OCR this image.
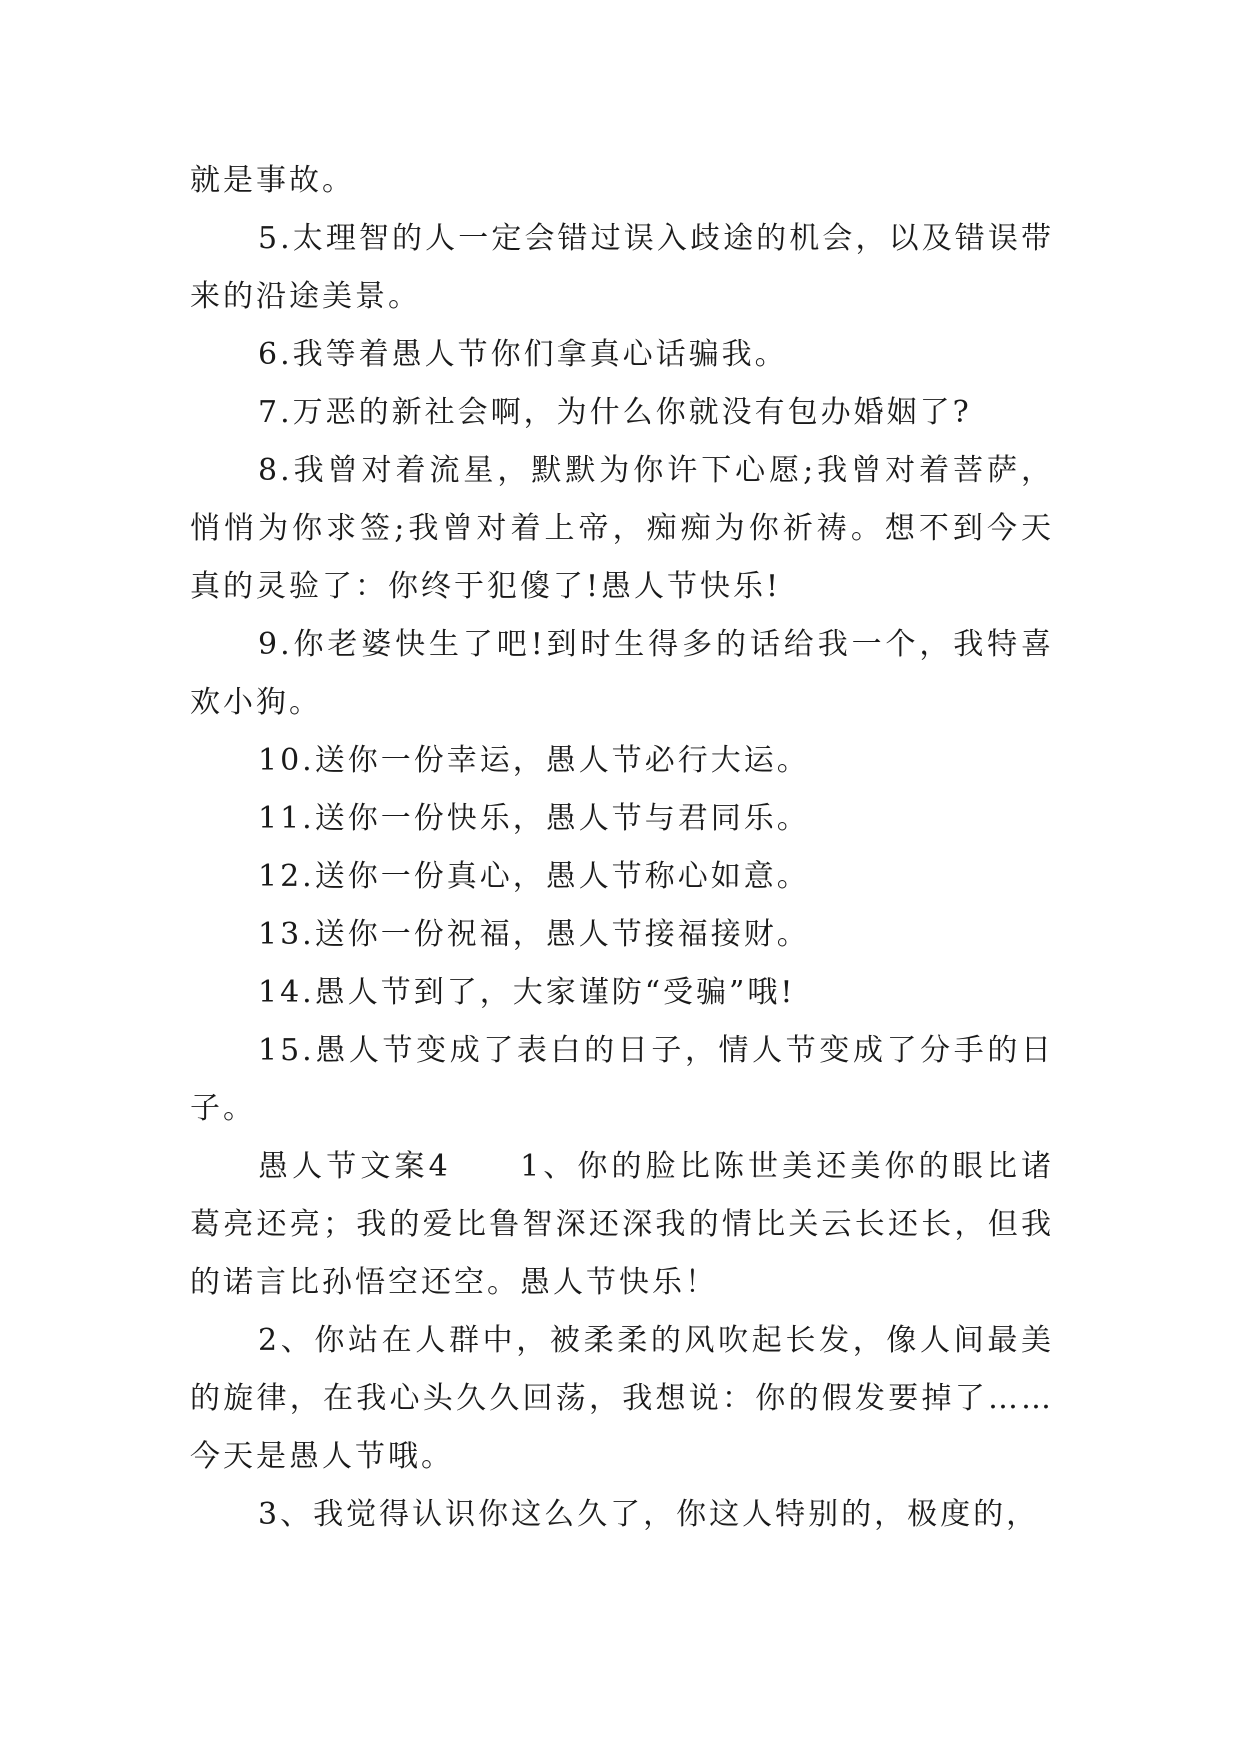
就是事故。

5.太理智的人一定会错过误入歧途的机会，以及错误带来的沿途美景。

6.我等着愚人节你们拿真心话骗我。

7.万恶的新社会啊，为什么你就没有包办婚姻了?

8.我曾对着流星，默默为你许下心愿;我曾对着菩萨，悄悄为你求签;我曾对着上帝，痴痴为你祈祷。想不到今天真的灵验了：你终于犯傻了!愚人节快乐!

9.你老婆快生了吧!到时生得多的话给我一个，我特喜欢小狗。

10.送你一份幸运，愚人节必行大运。

11.送你一份快乐，愚人节与君同乐。

12.送你一份真心，愚人节称心如意。

13.送你一份祝福，愚人节接福接财。

14.愚人节到了，大家谨防“受骗”哦!

15.愚人节变成了表白的日子，情人节变成了分手的日子。

愚人节文案4　　1、你的脸比陈世美还美你的眼比诸葛亮还亮；我的爱比鲁智深还深我的情比关云长还长，但我的诺言比孙悟空还空。愚人节快乐！

2、你站在人群中，被柔柔的风吹起长发，像人间最美的旋律，在我心头久久回荡，我想说：你的假发要掉了……今天是愚人节哦。

3、我觉得认识你这么久了，你这人特别的，极度的，
